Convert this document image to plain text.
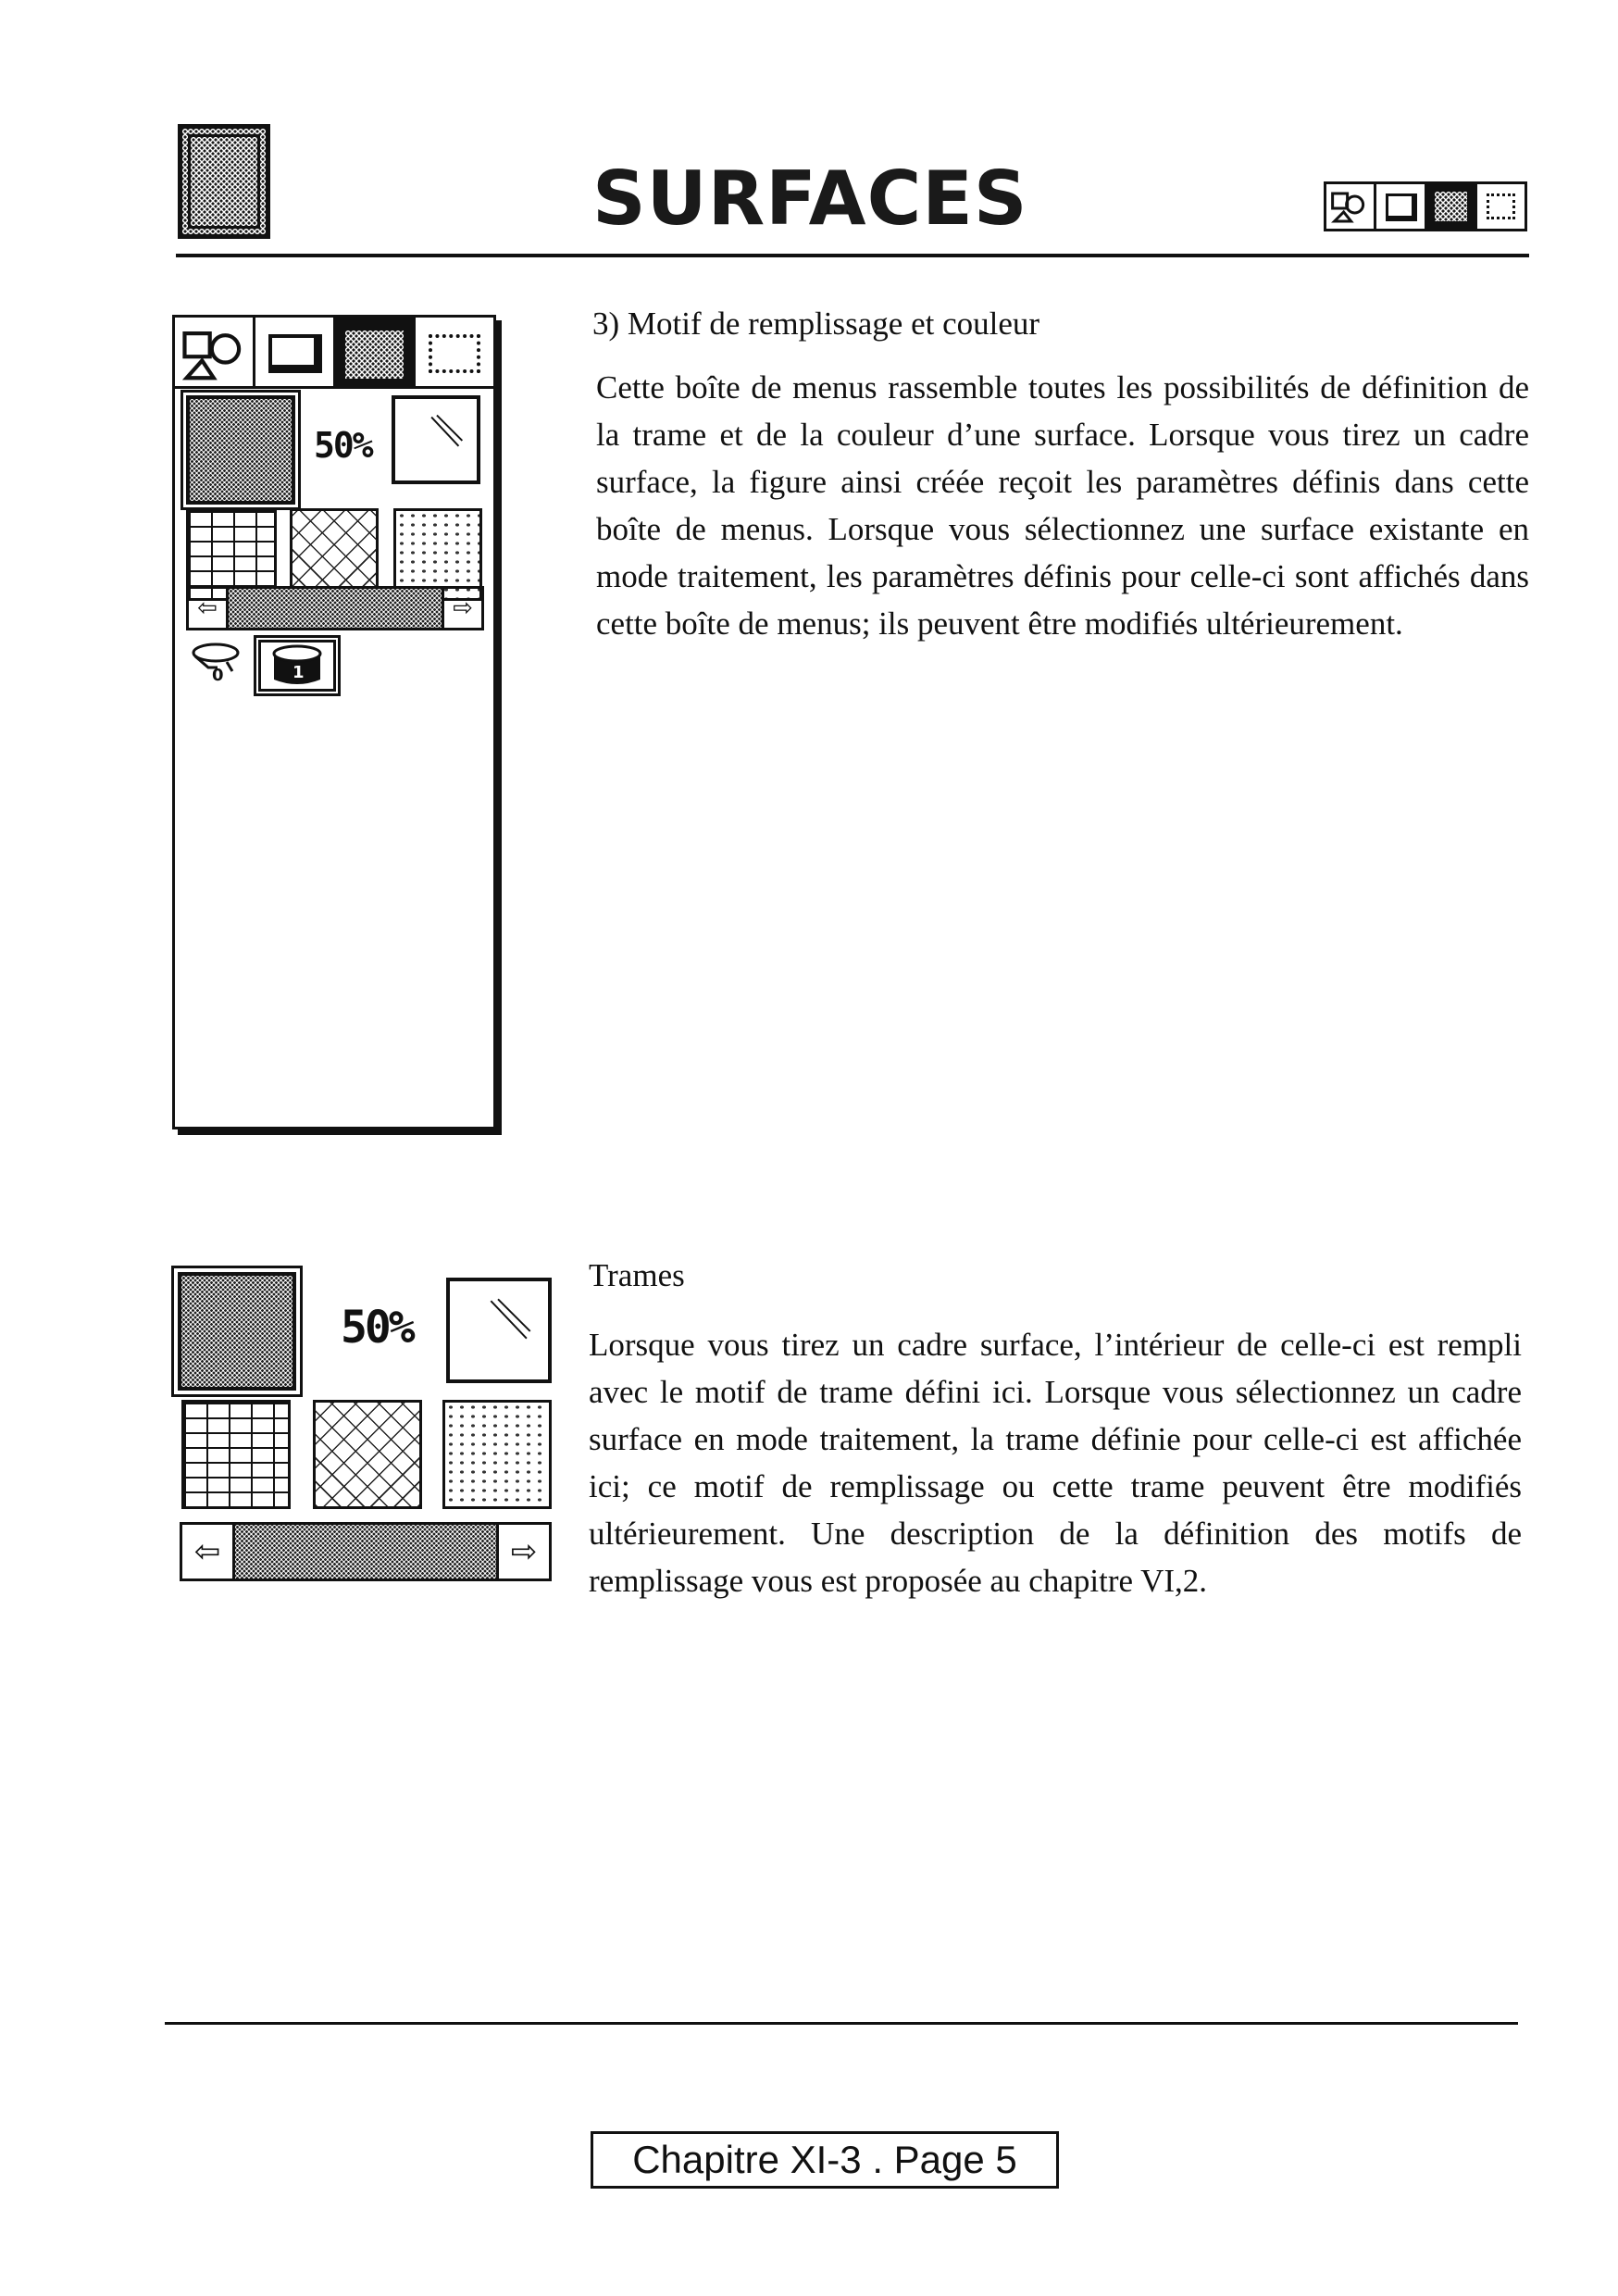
SURFACES
50%
⇦	⇨
0	1
3) Motif de remplissage et couleur

Cette boîte de menus rassemble toutes les possibilités de définition de la trame et de la couleur d’une surface. Lorsque vous tirez un cadre surface, la figure ainsi créée reçoit les paramètres définis dans cette boîte de menus. Lorsque vous sélectionnez une surface existante en mode traitement, les paramètres définis pour celle-ci sont affichés dans cette boîte de menus; ils peuvent être modifiés ultérieurement.

50%
⇦	⇨
Trames

Lorsque vous tirez un cadre surface, l’intérieur de celle-ci est rempli avec le motif de trame défini ici. Lorsque vous sélectionnez un cadre surface en mode traitement, la trame définie pour celle-ci est affichée ici; ce motif de remplissage ou cette trame peuvent être modifiés ultérieurement. Une description de la définition des motifs de remplissage vous est proposée au chapitre VI,2.

Chapitre XI-3 . Page 5
